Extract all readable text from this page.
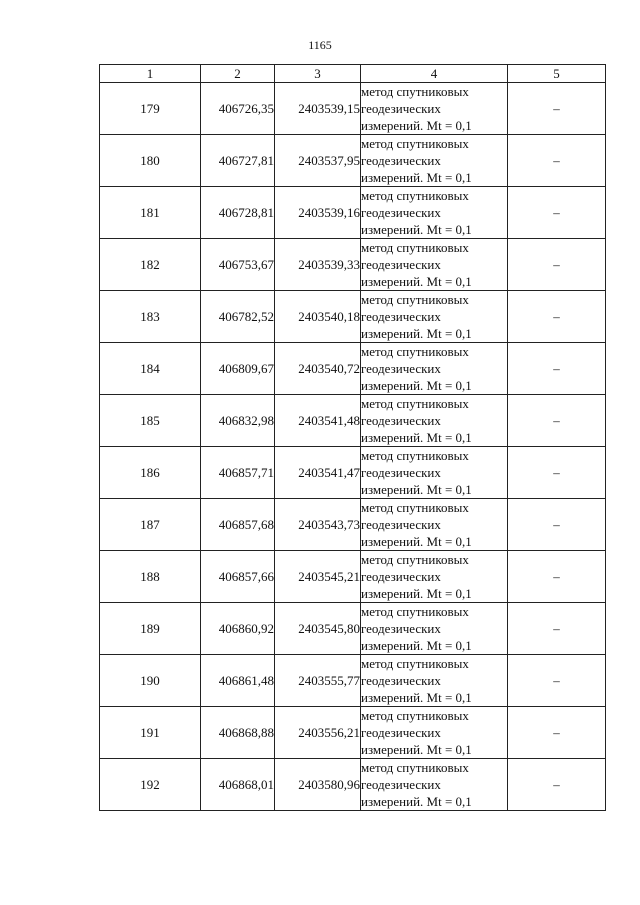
1165
1	2	3	4	5
179	406726,35	2403539,15	метод спутниковых
геодезических
измерений. Mt = 0,1	–
180	406727,81	2403537,95	метод спутниковых
геодезических
измерений. Mt = 0,1	–
181	406728,81	2403539,16	метод спутниковых
геодезических
измерений. Mt = 0,1	–
182	406753,67	2403539,33	метод спутниковых
геодезических
измерений. Mt = 0,1	–
183	406782,52	2403540,18	метод спутниковых
геодезических
измерений. Mt = 0,1	–
184	406809,67	2403540,72	метод спутниковых
геодезических
измерений. Mt = 0,1	–
185	406832,98	2403541,48	метод спутниковых
геодезических
измерений. Mt = 0,1	–
186	406857,71	2403541,47	метод спутниковых
геодезических
измерений. Mt = 0,1	–
187	406857,68	2403543,73	метод спутниковых
геодезических
измерений. Mt = 0,1	–
188	406857,66	2403545,21	метод спутниковых
геодезических
измерений. Mt = 0,1	–
189	406860,92	2403545,80	метод спутниковых
геодезических
измерений. Mt = 0,1	–
190	406861,48	2403555,77	метод спутниковых
геодезических
измерений. Mt = 0,1	–
191	406868,88	2403556,21	метод спутниковых
геодезических
измерений. Mt = 0,1	–
192	406868,01	2403580,96	метод спутниковых
геодезических
измерений. Mt = 0,1	–
